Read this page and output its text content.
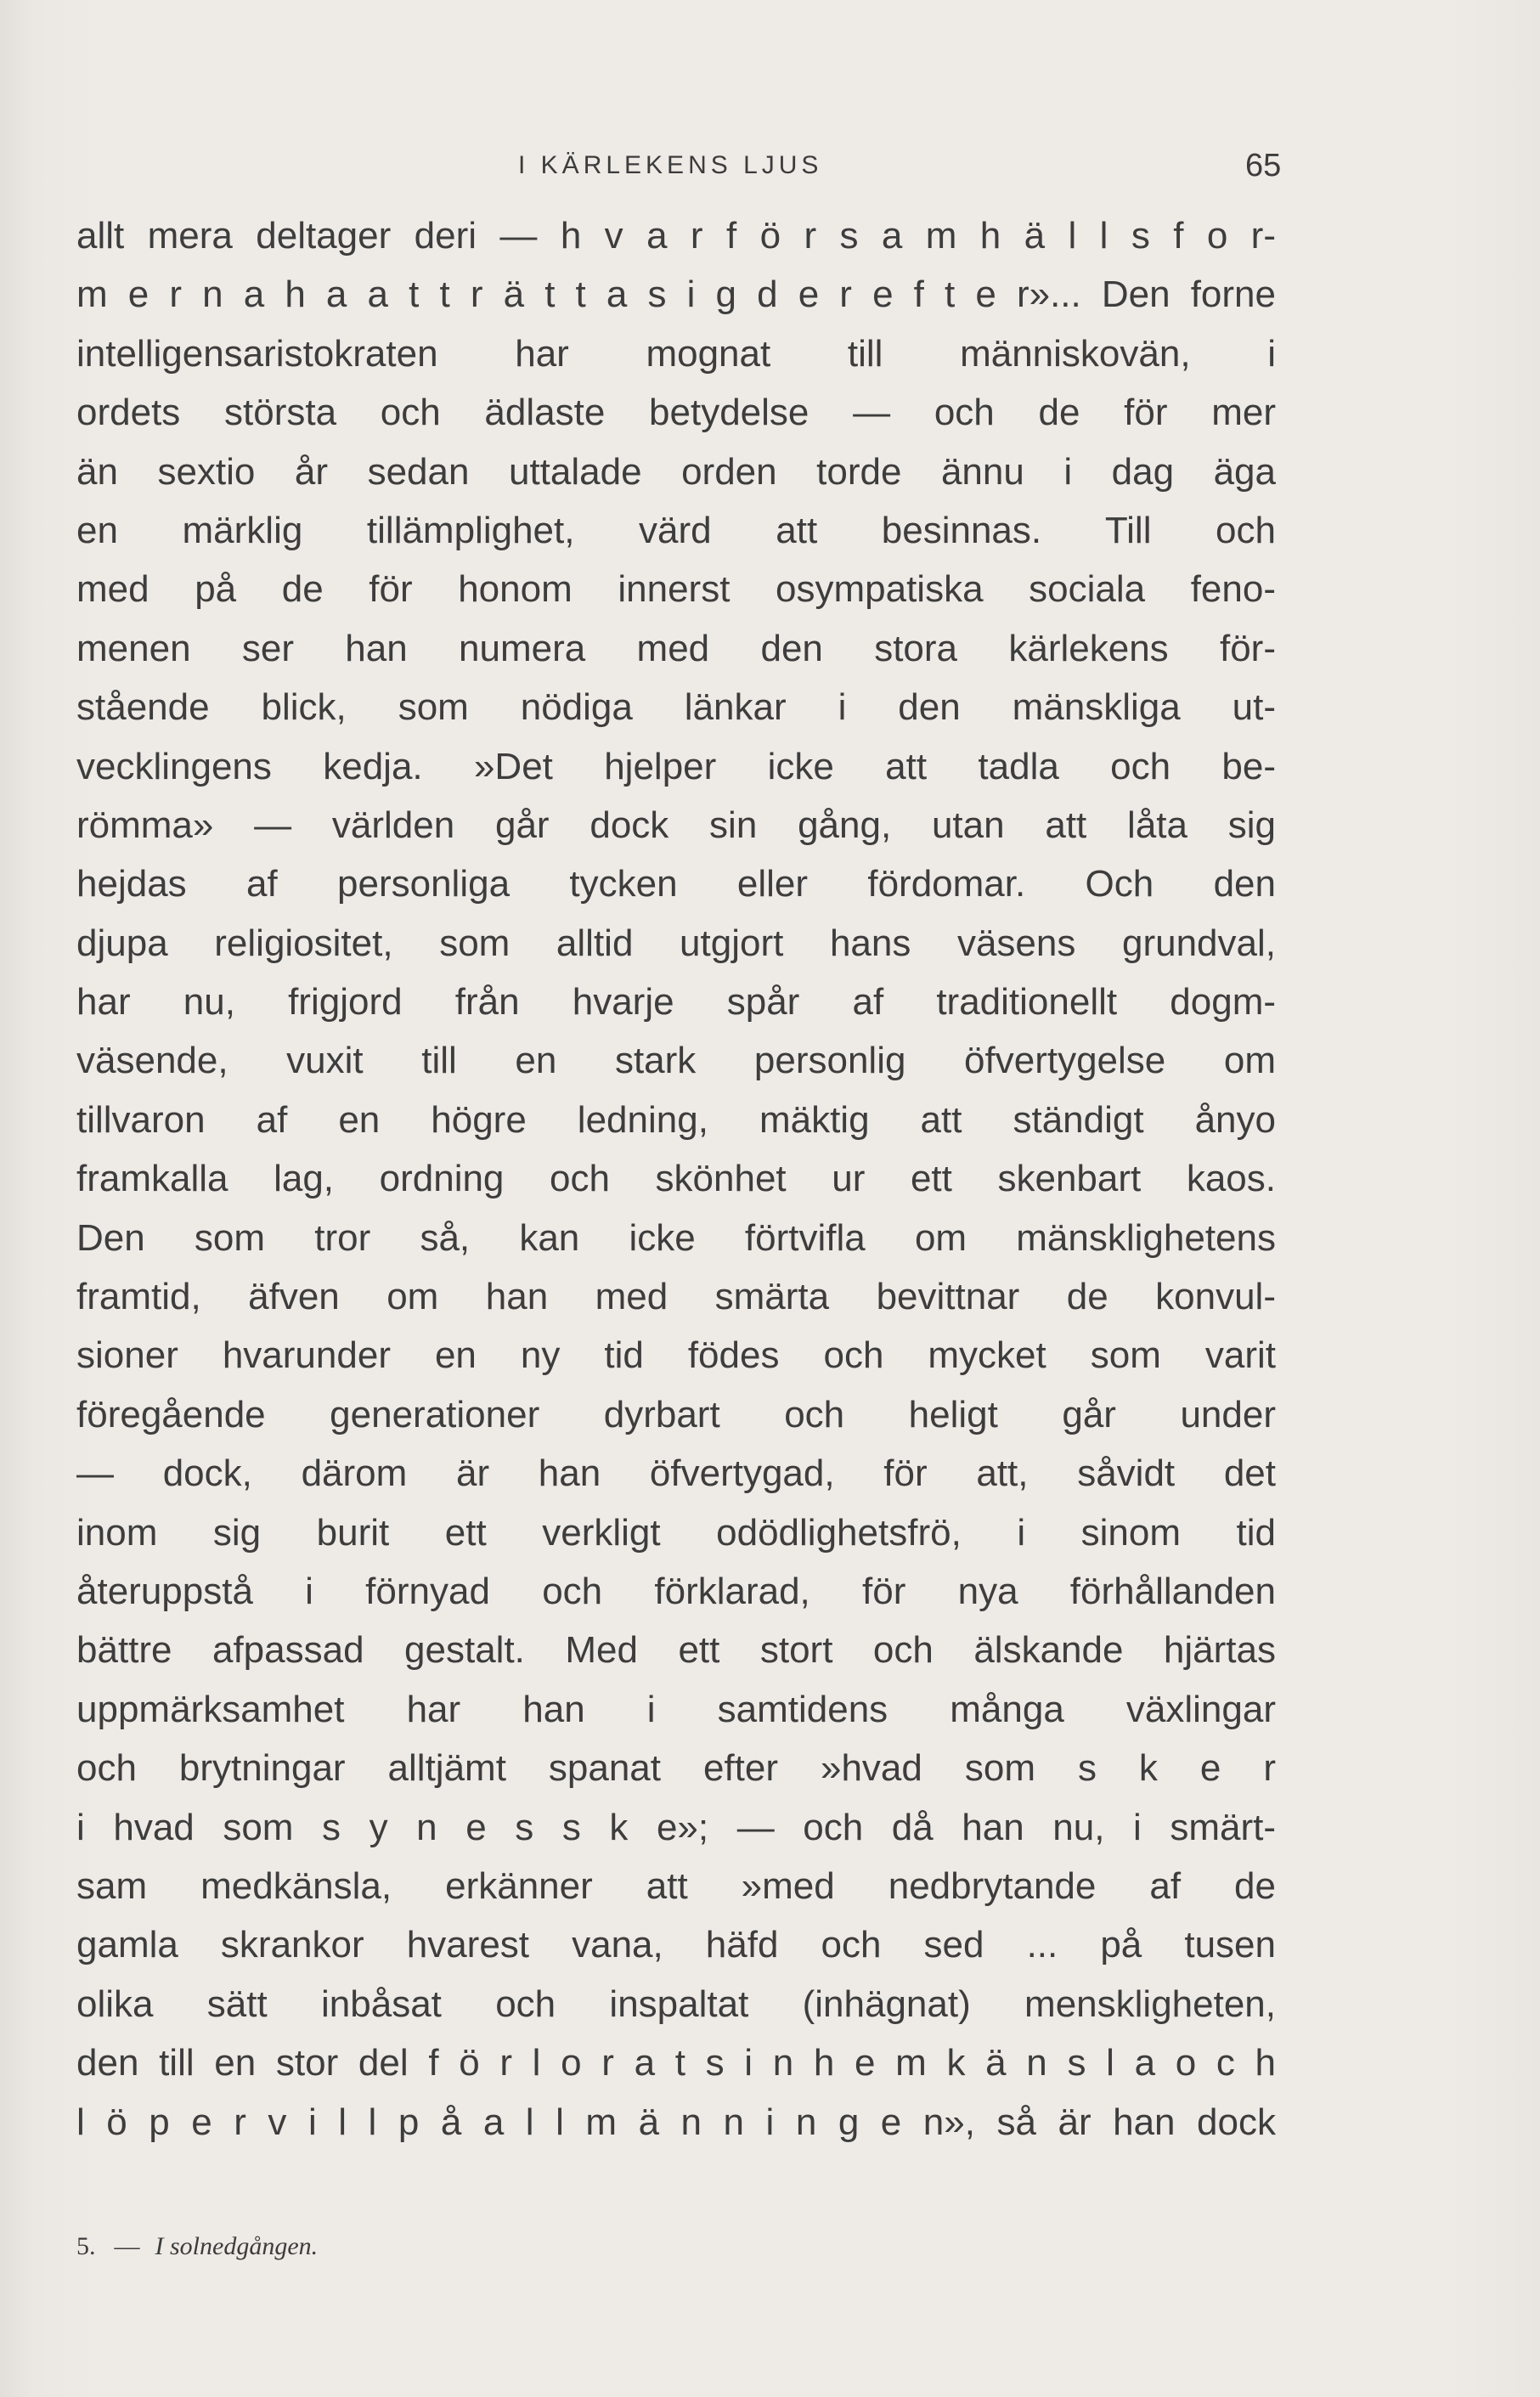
I KÄRLEKENS LJUS	65
allt mera deltager deri — h v a r f ö r s a m h ä l l s f o r-
m e r n a h a a t t r ä t t a s i g d e r e f t e r»... Den forne
intelligensaristokraten har mognat till människovän, i
ordets största och ädlaste betydelse — och de för mer
än sextio år sedan uttalade orden torde ännu i dag äga
en märklig tillämplighet, värd att besinnas. Till och
med på de för honom innerst osympatiska sociala feno-
menen ser han numera med den stora kärlekens för-
stående blick, som nödiga länkar i den mänskliga ut-
vecklingens kedja. »Det hjelper icke att tadla och be-
römma» — världen går dock sin gång, utan att låta sig
hejdas af personliga tycken eller fördomar. Och den
djupa religiositet, som alltid utgjort hans väsens grundval,
har nu, frigjord från hvarje spår af traditionellt dogm-
väsende, vuxit till en stark personlig öfvertygelse om
tillvaron af en högre ledning, mäktig att ständigt ånyo
framkalla lag, ordning och skönhet ur ett skenbart kaos.
Den som tror så, kan icke förtvifla om mänsklighetens
framtid, äfven om han med smärta bevittnar de konvul-
sioner hvarunder en ny tid födes och mycket som varit
föregående generationer dyrbart och heligt går under
— dock, därom är han öfvertygad, för att, såvidt det
inom sig burit ett verkligt odödlighetsfrö, i sinom tid
återuppstå i förnyad och förklarad, för nya förhållanden
bättre afpassad gestalt. Med ett stort och älskande hjärtas
uppmärksamhet har han i samtidens många växlingar
och brytningar alltjämt spanat efter »hvad som s k e r
i hvad som s y n e s s k e»; — och då han nu, i smärt-
sam medkänsla, erkänner att »med nedbrytande af de
gamla skrankor hvarest vana, häfd och sed ... på tusen
olika sätt inbåsat och inspaltat (inhägnat) menskligheten,
den till en stor del f ö r l o r a t s i n h e m k ä n s l a o c h
l ö p e r v i l l p å a l l m ä n n i n g e n», så är han dock
5. — I solnedgången.
